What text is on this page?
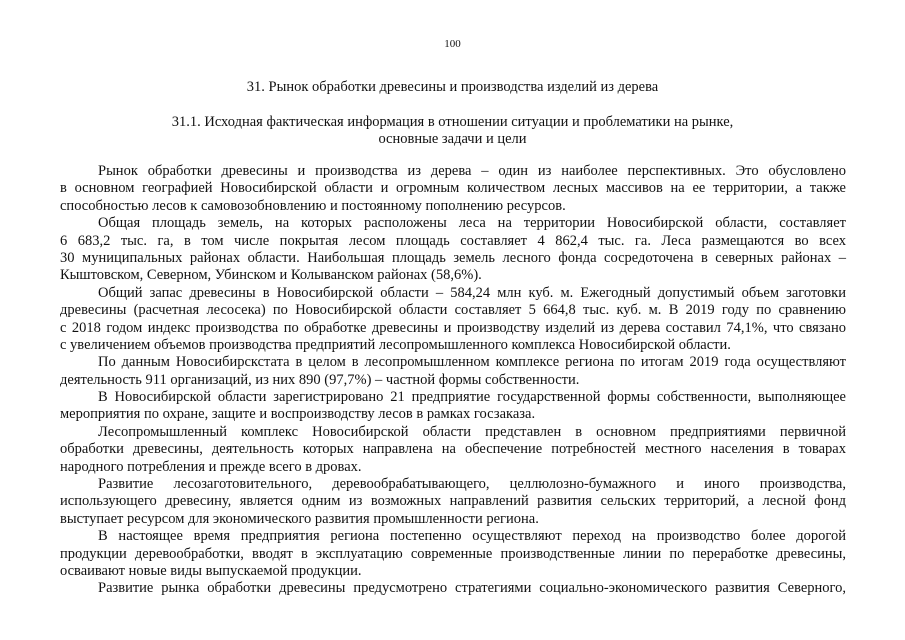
100
31. Рынок обработки древесины и производства изделий из дерева
31.1. Исходная фактическая информация в отношении ситуации и проблематики на рынке,
основные задачи и цели

Рынок обработки древесины и производства из дерева – один из наиболее перспективных. Это обусловлено
в основном географией Новосибирской области и огромным количеством лесных массивов на ее территории, а также
способностью лесов к самовозобновлению и постоянному пополнению ресурсов.

Общая площадь земель, на которых расположены леса на территории Новосибирской области, составляет
6 683,2 тыс. га, в том числе покрытая лесом площадь составляет 4 862,4 тыс. га. Леса размещаются во всех
30 муниципальных районах области. Наибольшая площадь земель лесного фонда сосредоточена в северных районах –
Кыштовском, Северном, Убинском и Колыванском районах (58,6%).

Общий запас древесины в Новосибирской области – 584,24 млн куб. м. Ежегодный допустимый объем заготовки
древесины (расчетная лесосека) по Новосибирской области составляет 5 664,8 тыс. куб. м. В 2019 году по сравнению
с 2018 годом индекс производства по обработке древесины и производству изделий из дерева составил 74,1%, что связано
с увеличением объемов производства предприятий лесопромышленного комплекса Новосибирской области.

По данным Новосибирскстата в целом в лесопромышленном комплексе региона по итогам 2019 года осуществляют
деятельность 911 организаций, из них 890 (97,7%) – частной формы собственности.

В Новосибирской области зарегистрировано 21 предприятие государственной формы собственности, выполняющее
мероприятия по охране, защите и воспроизводству лесов в рамках госзаказа.

Лесопромышленный комплекс Новосибирской области представлен в основном предприятиями первичной
обработки древесины, деятельность которых направлена на обеспечение потребностей местного населения в товарах
народного потребления и прежде всего в дровах.

Развитие лесозаготовительного, деревообрабатывающего, целлюлозно-бумажного и иного производства,
использующего древесину, является одним из возможных направлений развития сельских территорий, а лесной фонд
выступает ресурсом для экономического развития промышленности региона.

В настоящее время предприятия региона постепенно осуществляют переход на производство более дорогой
продукции деревообработки, вводят в эксплуатацию современные производственные линии по переработке древесины,
осваивают новые виды выпускаемой продукции.

Развитие рынка обработки древесины предусмотрено стратегиями социально-экономического развития Северного,
